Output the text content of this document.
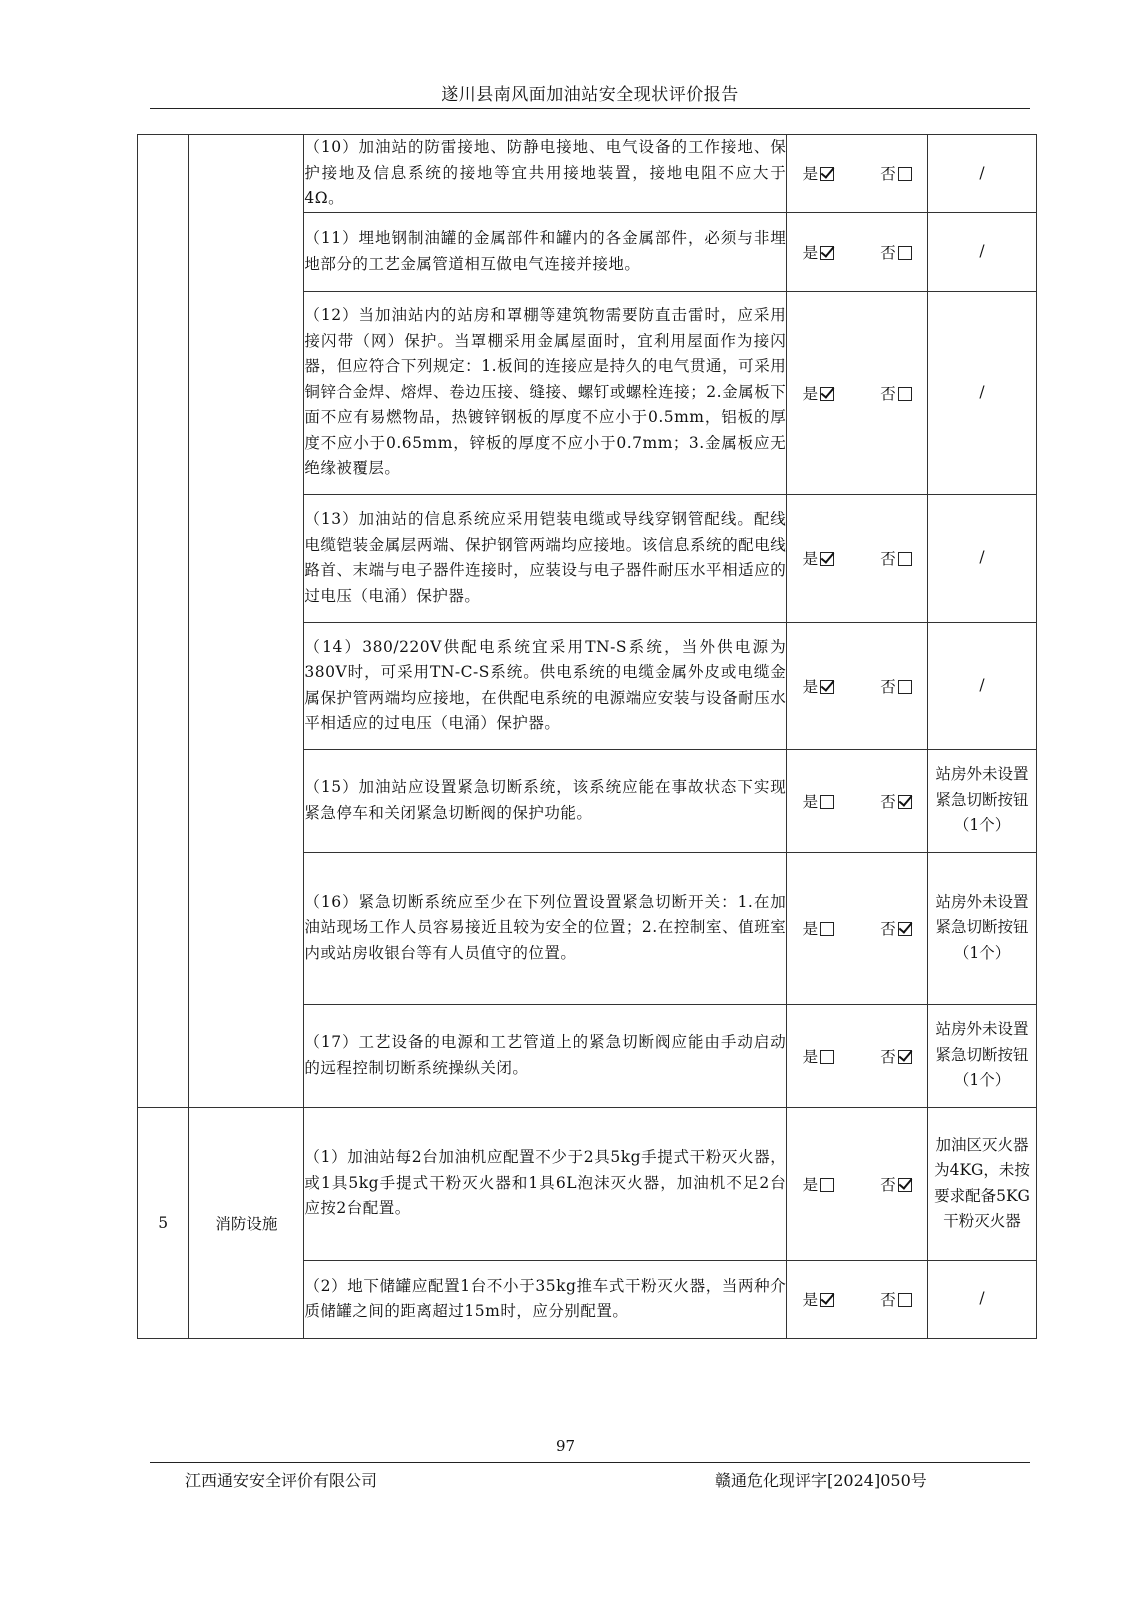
遂川县南风面加油站安全现状评价报告
		（10）加油站的防雷接地、防静电接地、电气设备的工作接地、保护接地及信息系统的接地等宜共用接地装置，接地电阻不应大于4Ω。	是 否	/
		（11）埋地钢制油罐的金属部件和罐内的各金属部件，必须与非埋地部分的工艺金属管道相互做电气连接并接地。	是 否	/
		（12）当加油站内的站房和罩棚等建筑物需要防直击雷时，应采用接闪带（网）保护。当罩棚采用金属屋面时，宜利用屋面作为接闪器，但应符合下列规定：1.板间的连接应是持久的电气贯通，可采用铜锌合金焊、熔焊、卷边压接、缝接、螺钉或螺栓连接；2.金属板下面不应有易燃物品，热镀锌钢板的厚度不应小于0.5mm，铝板的厚度不应小于0.65mm，锌板的厚度不应小于0.7mm；3.金属板应无绝缘被覆层。	是 否	/
		（13）加油站的信息系统应采用铠装电缆或导线穿钢管配线。配线电缆铠装金属层两端、保护钢管两端均应接地。该信息系统的配电线路首、末端与电子器件连接时，应装设与电子器件耐压水平相适应的过电压（电涌）保护器。	是 否	/
		（14）380/220V供配电系统宜采用TN-S系统，当外供电源为380V时，可采用TN-C-S系统。供电系统的电缆金属外皮或电缆金属保护管两端均应接地，在供配电系统的电源端应安装与设备耐压水平相适应的过电压（电涌）保护器。	是 否	/
		（15）加油站应设置紧急切断系统，该系统应能在事故状态下实现紧急停车和关闭紧急切断阀的保护功能。	是 否	站房外未设置紧急切断按钮（1个）
		（16）紧急切断系统应至少在下列位置设置紧急切断开关：1.在加油站现场工作人员容易接近且较为安全的位置；2.在控制室、值班室内或站房收银台等有人员值守的位置。	是 否	站房外未设置紧急切断按钮（1个）
		（17）工艺设备的电源和工艺管道上的紧急切断阀应能由手动启动的远程控制切断系统操纵关闭。	是 否	站房外未设置紧急切断按钮（1个）
5	消防设施	（1）加油站每2台加油机应配置不少于2具5kg手提式干粉灭火器，或1具5kg手提式干粉灭火器和1具6L泡沫灭火器，加油机不足2台应按2台配置。	是 否	加油区灭火器为4KG，未按要求配备5KG干粉灭火器
		（2）地下储罐应配置1台不小于35kg推车式干粉灭火器，当两种介质储罐之间的距离超过15m时，应分别配置。	是 否	/
97
江西通安安全评价有限公司	赣通危化现评字[2024]050号
